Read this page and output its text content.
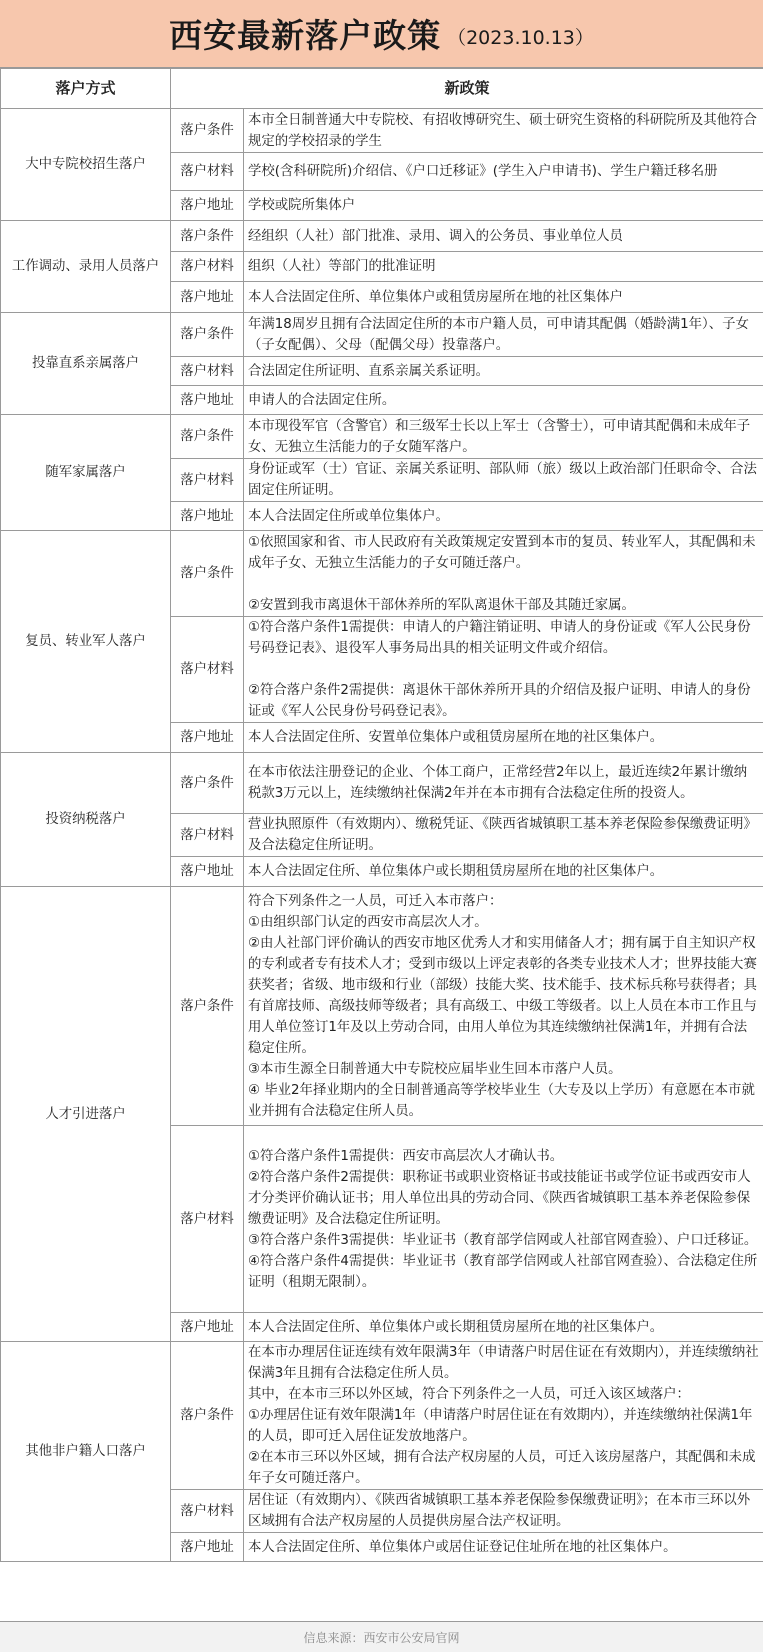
西安最新落户政策 （2023.10.13）
落户方式	新政策	
大中专院校招生落户	落户条件	本市全日制普通大中专院校、有招收博研究生、硕士研究生资格的科研院所及其他符合规定的学校招录的学生

	落户材料	学校(含科研院所)介绍信、《户口迁移证》(学生入户申请书)、学生户籍迁移名册

	落户地址	学校或院所集体户

工作调动、录用人员落户	落户条件	经组织（人社）部门批准、录用、调入的公务员、事业单位人员

	落户材料	组织（人社）等部门的批准证明

	落户地址	本人合法固定住所、单位集体户或租赁房屋所在地的社区集体户

投靠直系亲属落户	落户条件	年满18周岁且拥有合法固定住所的本市户籍人员，可申请其配偶（婚龄满1年）、子女（子女配偶）、父母（配偶父母）投靠落户。

	落户材料	合法固定住所证明、直系亲属关系证明。

	落户地址	申请人的合法固定住所。

随军家属落户	落户条件	本市现役军官（含警官）和三级军士长以上军士（含警士），可申请其配偶和未成年子女、无独立生活能力的子女随军落户。

	落户材料	身份证或军（士）官证、亲属关系证明、部队师（旅）级以上政治部门任职命令、合法固定住所证明。

	落户地址	本人合法固定住所或单位集体户。

复员、转业军人落户	落户条件	①依照国家和省、市人民政府有关政策规定安置到本市的复员、转业军人，其配偶和未成年子女、无独立生活能力的子女可随迁落户。
②安置到我市离退休干部休养所的军队离退休干部及其随迁家属。

	落户材料	①符合落户条件1需提供：申请人的户籍注销证明、申请人的身份证或《军人公民身份号码登记表》、退役军人事务局出具的相关证明文件或介绍信。
②符合落户条件2需提供：离退休干部休养所开具的介绍信及报户证明、申请人的身份证或《军人公民身份号码登记表》。

	落户地址	本人合法固定住所、安置单位集体户或租赁房屋所在地的社区集体户。

投资纳税落户	落户条件	在本市依法注册登记的企业、个体工商户，正常经营2年以上，最近连续2年累计缴纳税款3万元以上，连续缴纳社保满2年并在本市拥有合法稳定住所的投资人。

	落户材料	营业执照原件（有效期内）、缴税凭证、《陕西省城镇职工基本养老保险参保缴费证明》及合法稳定住所证明。

	落户地址	本人合法固定住所、单位集体户或长期租赁房屋所在地的社区集体户。

人才引进落户	落户条件	符合下列条件之一人员，可迁入本市落户：
①由组织部门认定的西安市高层次人才。
②由人社部门评价确认的西安市地区优秀人才和实用储备人才；拥有属于自主知识产权的专利或者专有技术人才；受到市级以上评定表彰的各类专业技术人才；世界技能大赛获奖者；省级、地市级和行业（部级）技能大奖、技术能手、技术标兵称号获得者；具有首席技师、高级技师等级者；具有高级工、中级工等级者。以上人员在本市工作且与用人单位签订1年及以上劳动合同，由用人单位为其连续缴纳社保满1年，并拥有合法稳定住所。
③本市生源全日制普通大中专院校应届毕业生回本市落户人员。
④ 毕业2年择业期内的全日制普通高等学校毕业生（大专及以上学历）有意愿在本市就业并拥有合法稳定住所人员。

	落户材料	①符合落户条件1需提供：西安市高层次人才确认书。
②符合落户条件2需提供：职称证书或职业资格证书或技能证书或学位证书或西安市人才分类评价确认证书；用人单位出具的劳动合同、《陕西省城镇职工基本养老保险参保缴费证明》及合法稳定住所证明。
③符合落户条件3需提供：毕业证书（教育部学信网或人社部官网查验）、户口迁移证。
④符合落户条件4需提供：毕业证书（教育部学信网或人社部官网查验）、合法稳定住所证明（租期无限制）。

	落户地址	本人合法固定住所、单位集体户或长期租赁房屋所在地的社区集体户。

其他非户籍人口落户	落户条件	在本市办理居住证连续有效年限满3年（申请落户时居住证在有效期内），并连续缴纳社保满3年且拥有合法稳定住所人员。
其中，在本市三环以外区域，符合下列条件之一人员，可迁入该区域落户：
①办理居住证有效年限满1年（申请落户时居住证在有效期内），并连续缴纳社保满1年的人员，即可迁入居住证发放地落户。
②在本市三环以外区域，拥有合法产权房屋的人员，可迁入该房屋落户，其配偶和未成年子女可随迁落户。

	落户材料	居住证（有效期内）、《陕西省城镇职工基本养老保险参保缴费证明》；在本市三环以外区域拥有合法产权房屋的人员提供房屋合法产权证明。

	落户地址	本人合法固定住所、单位集体户或居住证登记住址所在地的社区集体户。
信息来源：西安市公安局官网
